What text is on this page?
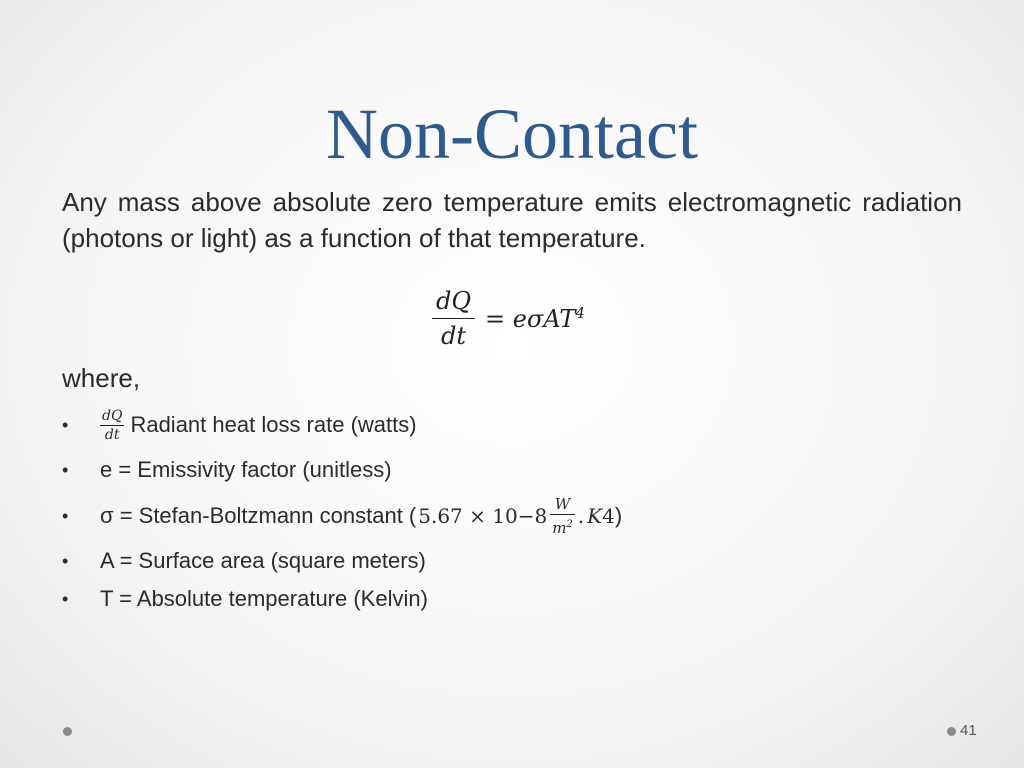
Non-Contact
Any mass above absolute zero temperature emits electromagnetic radiation (photons or light) as a function of that temperature.
$\frac{dQ}{dt} = e\sigma AT^4$
where,
•	$\frac{dQ}{dt}$ Radiant heat loss rate (watts)
•	e = Emissivity factor (unitless)
•	σ = Stefan-Boltzmann constant ( $5.67 \times 10 -8 \frac{W}{m^2}$ . K 4 )
•	A = Surface area (square meters)
•	T = Absolute temperature (Kelvin)
41
